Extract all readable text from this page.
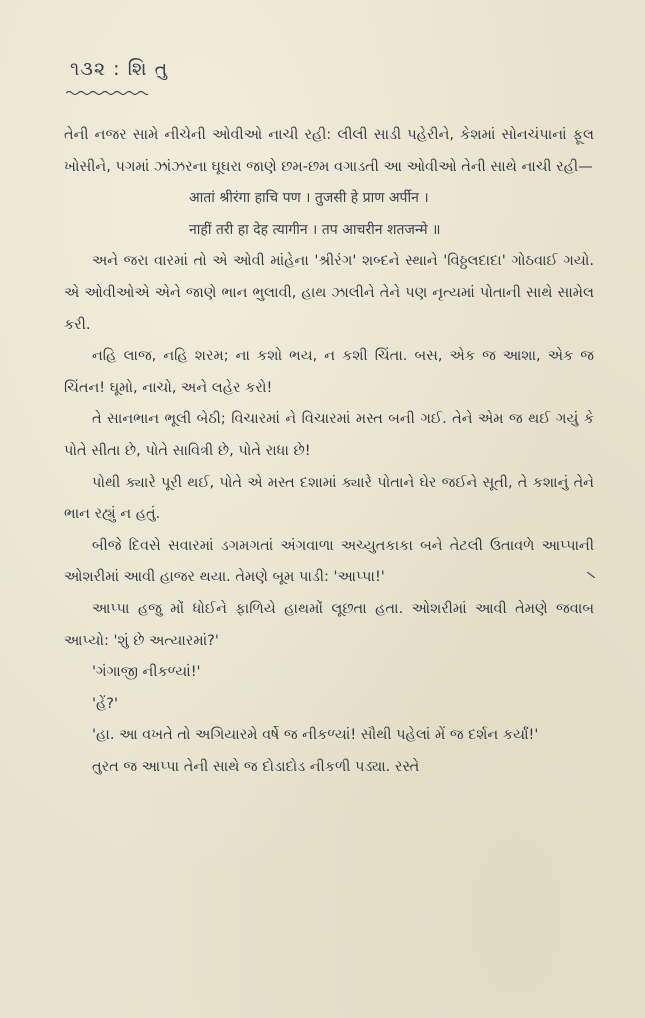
૧૩૨ : શિ તુ

તેની નજર સામે નીચેની ઓવીઓ નાચી રહી: લીલી સાડી પહેરીને, કેશમાં સોનચંપાનાં ફૂલ ખોસીને, પગમાં ઝાંઝરના ઘૂઘરા જાણે છમ-છમ વગાડતી આ ઓવીઓ તેની સાથે નાચી રહી—

आतां श्रीरंगा हाचि पण । तुजसी हे प्राण अर्पीन ।

नाहीं तरी हा देह त्यागीन । तप आचरीन शतजन्मे ॥

અને જરા વારમાં તો એ ઓવી માંહેના 'શ્રીરંગ' શબ્દને સ્થાને 'વિઠ્ઠલદાદા' ગોઠવાઈ ગયો. એ ઓવીઓએ એને જાણે ભાન ભુલાવી, હાથ ઝાલીને તેને પણ નૃત્યમાં પોતાની સાથે સામેલ કરી.

નહિ લાજ, નહિ શરમ; ના કશો ભય, ન કશી ચિંતા. બસ, એક જ આશા, એક જ ચિંતન! ઘૂમો, નાચો, અને લહેર કરો!

તે સાનભાન ભૂલી બેઠી; વિચારમાં ને વિચારમાં મસ્ત બની ગઈ. તેને એમ જ થઈ ગયું કે પોતે સીતા છે, પોતે સાવિત્રી છે, પોતે રાધા છે!

પોથી ક્યારે પૂરી થઈ, પોતે એ મસ્ત દશામાં ક્યારે પોતાને ઘેર જઈને સૂતી, તે કશાનું તેને ભાન રહ્યું ન હતું.

બીજે દિવસે સવારમાં ડગમગતાં અંગવાળા અચ્યુતકાકા બને તેટલી ઉતાવળે આપ્પાની ઓશરીમાં આવી હાજર થયા. તેમણે બૂમ પાડી: 'આપ્પા!'

આપ્પા હજુ મોં ધોઈને ફાળિયે હાથમોં લૂછતા હતા. ઓશરીમાં આવી તેમણે જવાબ આપ્યો: 'શું છે અત્યારમાં?'

'ગંગાજી નીકળ્યાં!'

'હેં?'

'હા. આ વખતે તો અગિયારમે વર્ષે જ નીકળ્યાં! સૌથી પહેલાં મેં જ દર્શન કર્યાં!'

તુરત જ આપ્પા તેની સાથે જ દોડાદોડ નીકળી પડ્યા. રસ્તે
